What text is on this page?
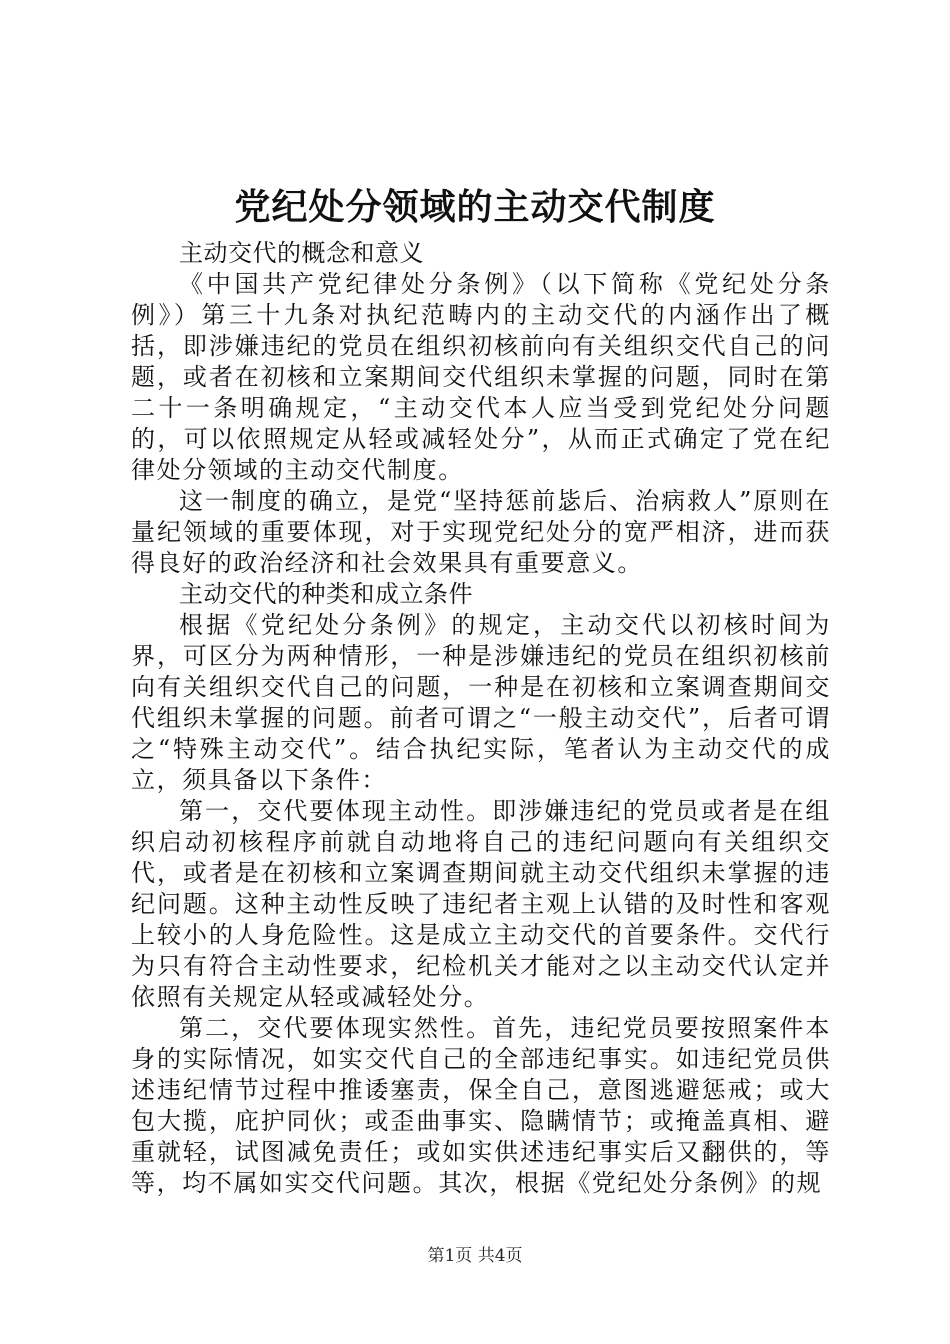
党纪处分领域的主动交代制度

主动交代的概念和意义

《中国共产党纪律处分条例》（以下简称《党纪处分条例》）第三十九条对执纪范畴内的主动交代的内涵作出了概括，即涉嫌违纪的党员在组织初核前向有关组织交代自己的问题，或者在初核和立案期间交代组织未掌握的问题，同时在第二十一条明确规定，“主动交代本人应当受到党纪处分问题的，可以依照规定从轻或减轻处分”，从而正式确定了党在纪律处分领域的主动交代制度。

这一制度的确立，是党“坚持惩前毖后、治病救人”原则在量纪领域的重要体现，对于实现党纪处分的宽严相济，进而获得良好的政治经济和社会效果具有重要意义。

主动交代的种类和成立条件

根据《党纪处分条例》的规定，主动交代以初核时间为界，可区分为两种情形，一种是涉嫌违纪的党员在组织初核前向有关组织交代自己的问题，一种是在初核和立案调查期间交代组织未掌握的问题。前者可谓之“一般主动交代”，后者可谓之“特殊主动交代”。结合执纪实际，笔者认为主动交代的成立，须具备以下条件：

第一，交代要体现主动性。即涉嫌违纪的党员或者是在组织启动初核程序前就自动地将自己的违纪问题向有关组织交代，或者是在初核和立案调查期间就主动交代组织未掌握的违纪问题。这种主动性反映了违纪者主观上认错的及时性和客观上较小的人身危险性。这是成立主动交代的首要条件。交代行为只有符合主动性要求，纪检机关才能对之以主动交代认定并依照有关规定从轻或减轻处分。

第二，交代要体现实然性。首先，违纪党员要按照案件本身的实际情况，如实交代自己的全部违纪事实。如违纪党员供述违纪情节过程中推诿塞责，保全自己，意图逃避惩戒；或大包大揽，庇护同伙；或歪曲事实、隐瞒情节；或掩盖真相、避重就轻，试图减免责任；或如实供述违纪事实后又翻供的，等等，均不属如实交代问题。其次，根据《党纪处分条例》的规

第1页 共4页
